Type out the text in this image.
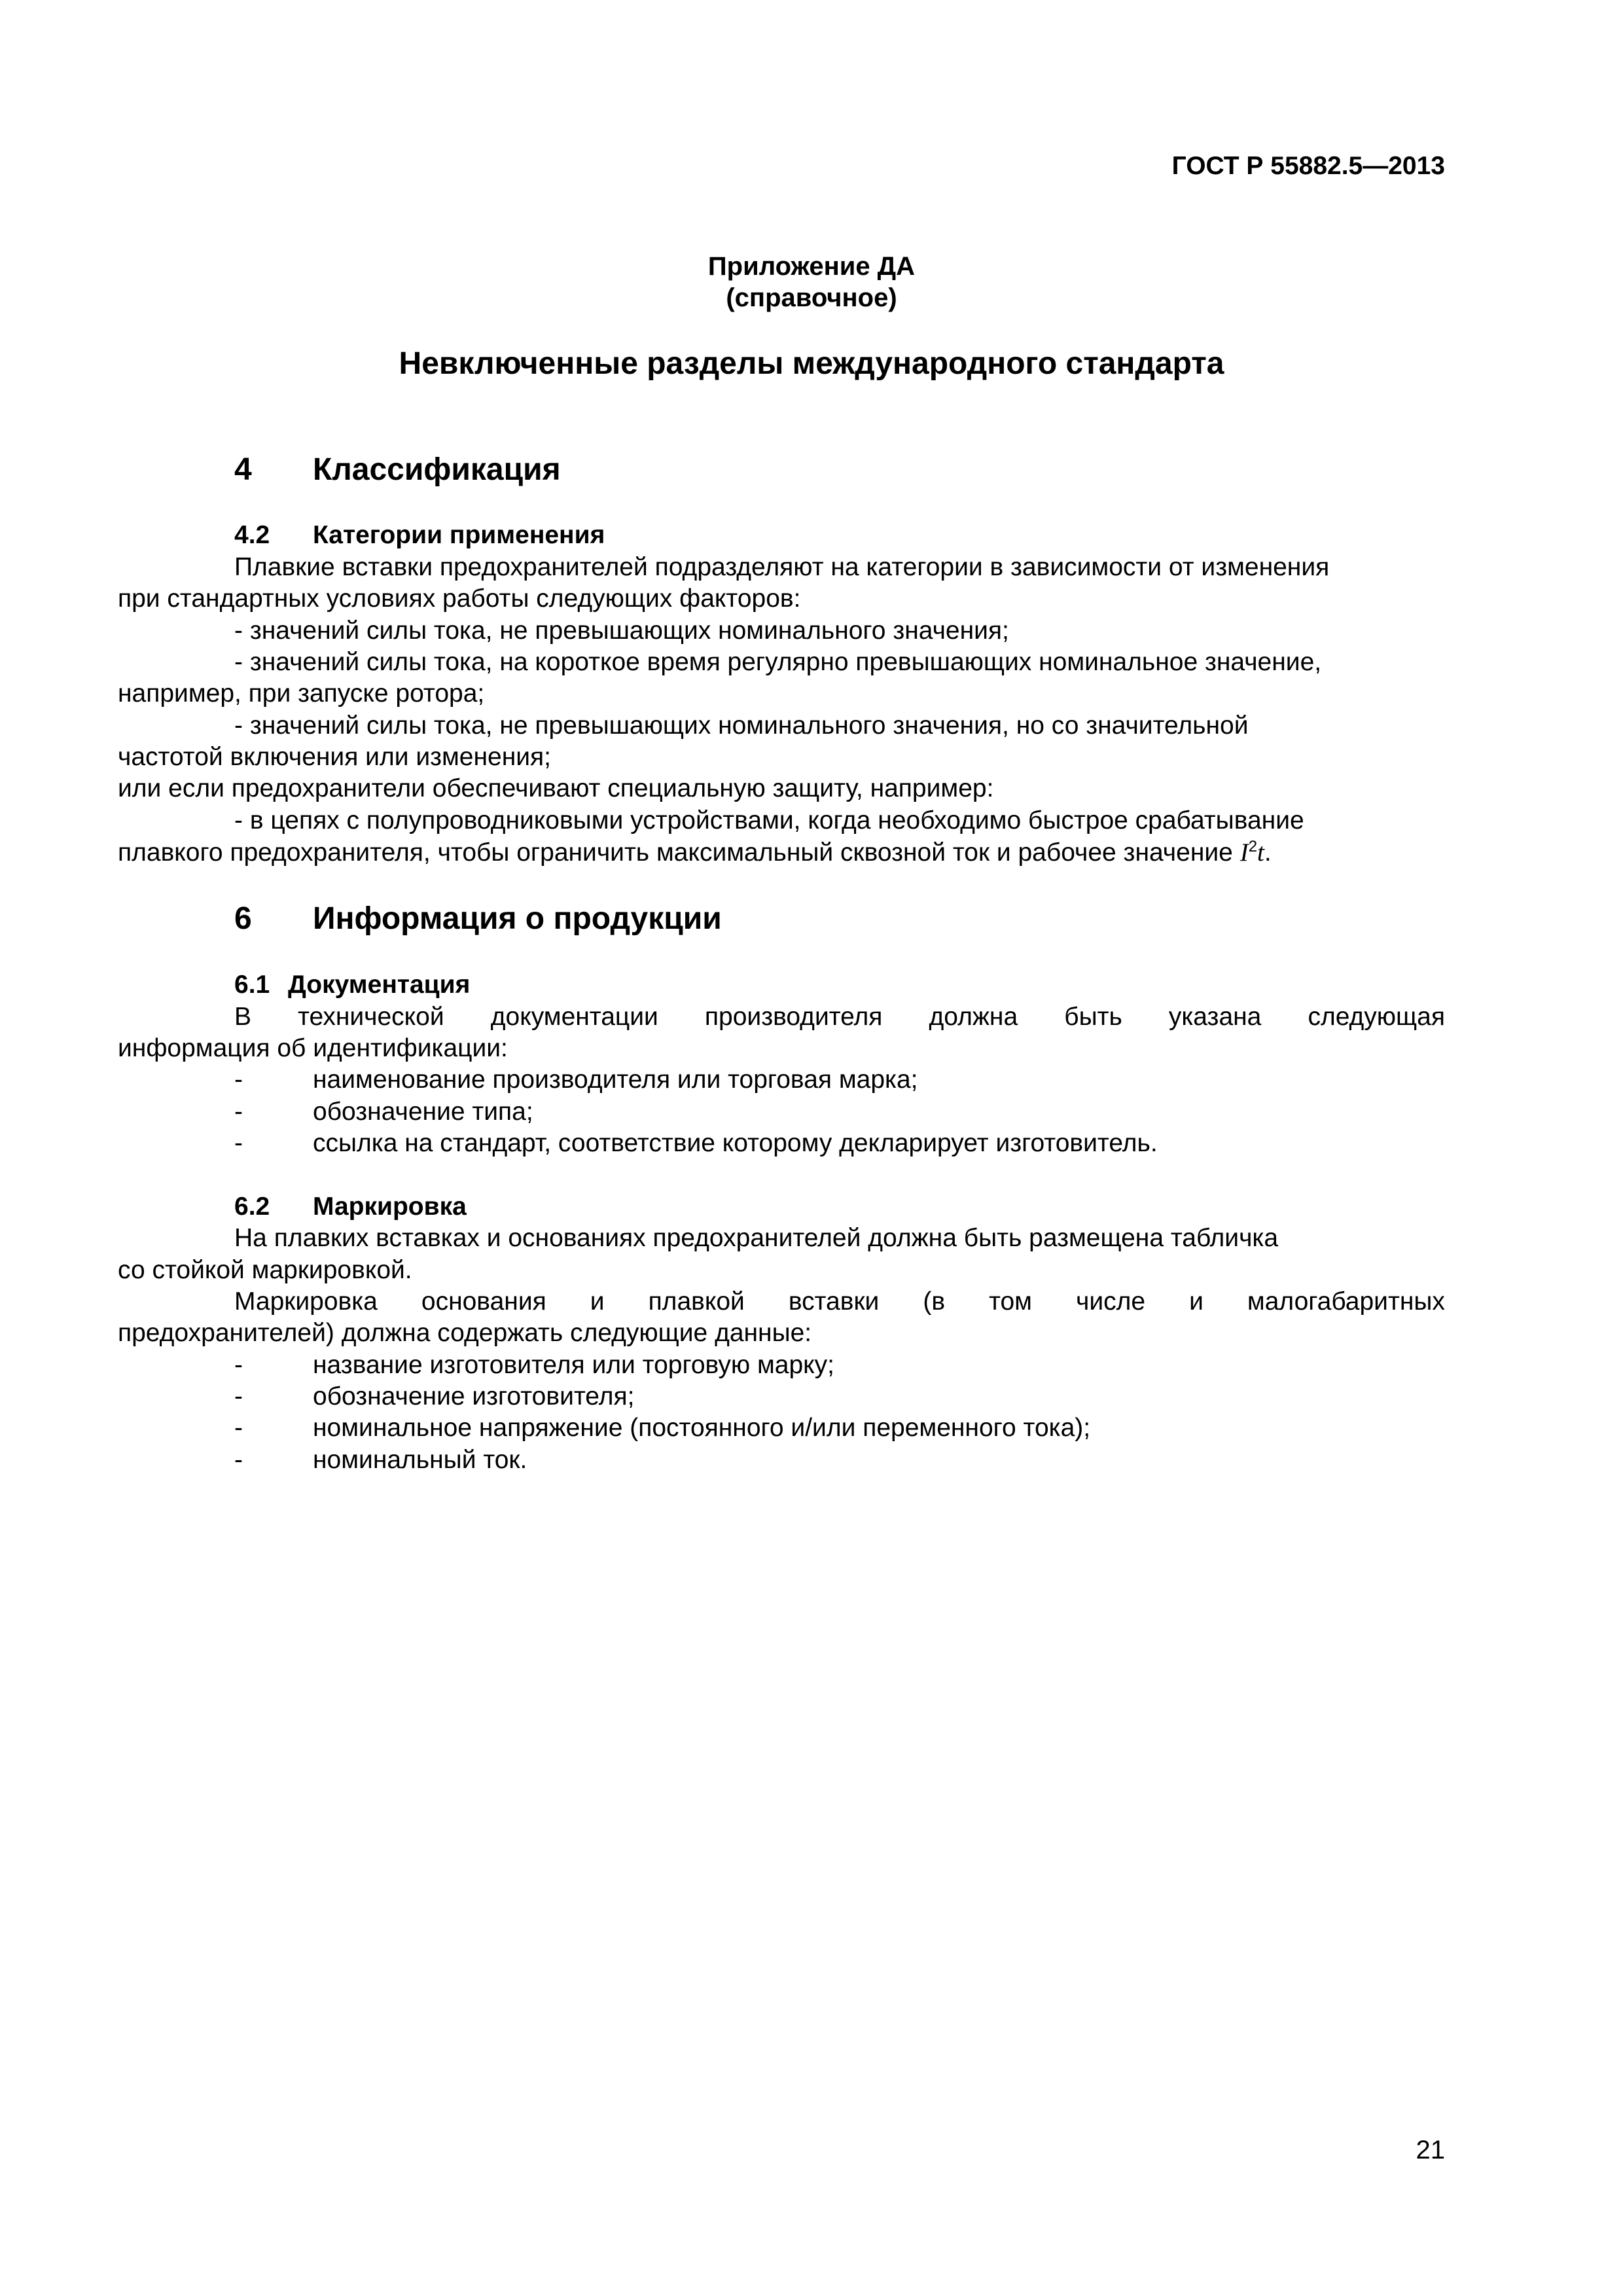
ГОСТ Р 55882.5—2013
Приложение ДА
(справочное)
Невключенные разделы международного стандарта
4 Классификация
4.2 Категории применения
Плавкие вставки предохранителей подразделяют на категории в зависимости от изменения
при стандартных условиях работы следующих факторов:
- значений силы тока, не превышающих номинального значения;
- значений силы тока, на короткое время регулярно превышающих номинальное значение,
например, при запуске ротора;
- значений силы тока, не превышающих номинального значения, но со значительной
частотой включения или изменения;
или если предохранители обеспечивают специальную защиту, например:
- в цепях с полупроводниковыми устройствами, когда необходимо быстрое срабатывание
плавкого предохранителя, чтобы ограничить максимальный сквозной ток и рабочее значение $I^2t$.
6 Информация о продукции
6.1 Документация
В технической документации производителя должна быть указана следующая
информация об идентификации:
-	наименование производителя или торговая марка;
-	обозначение типа;
-	ссылка на стандарт, соответствие которому декларирует изготовитель.
6.2 Маркировка
На плавких вставках и основаниях предохранителей должна быть размещена табличка
со стойкой маркировкой.
Маркировка основания и плавкой вставки (в том числе и малогабаритных
предохранителей) должна содержать следующие данные:
-	название изготовителя или торговую марку;
-	обозначение изготовителя;
-	номинальное напряжение (постоянного и/или переменного тока);
-	номинальный ток.
21
